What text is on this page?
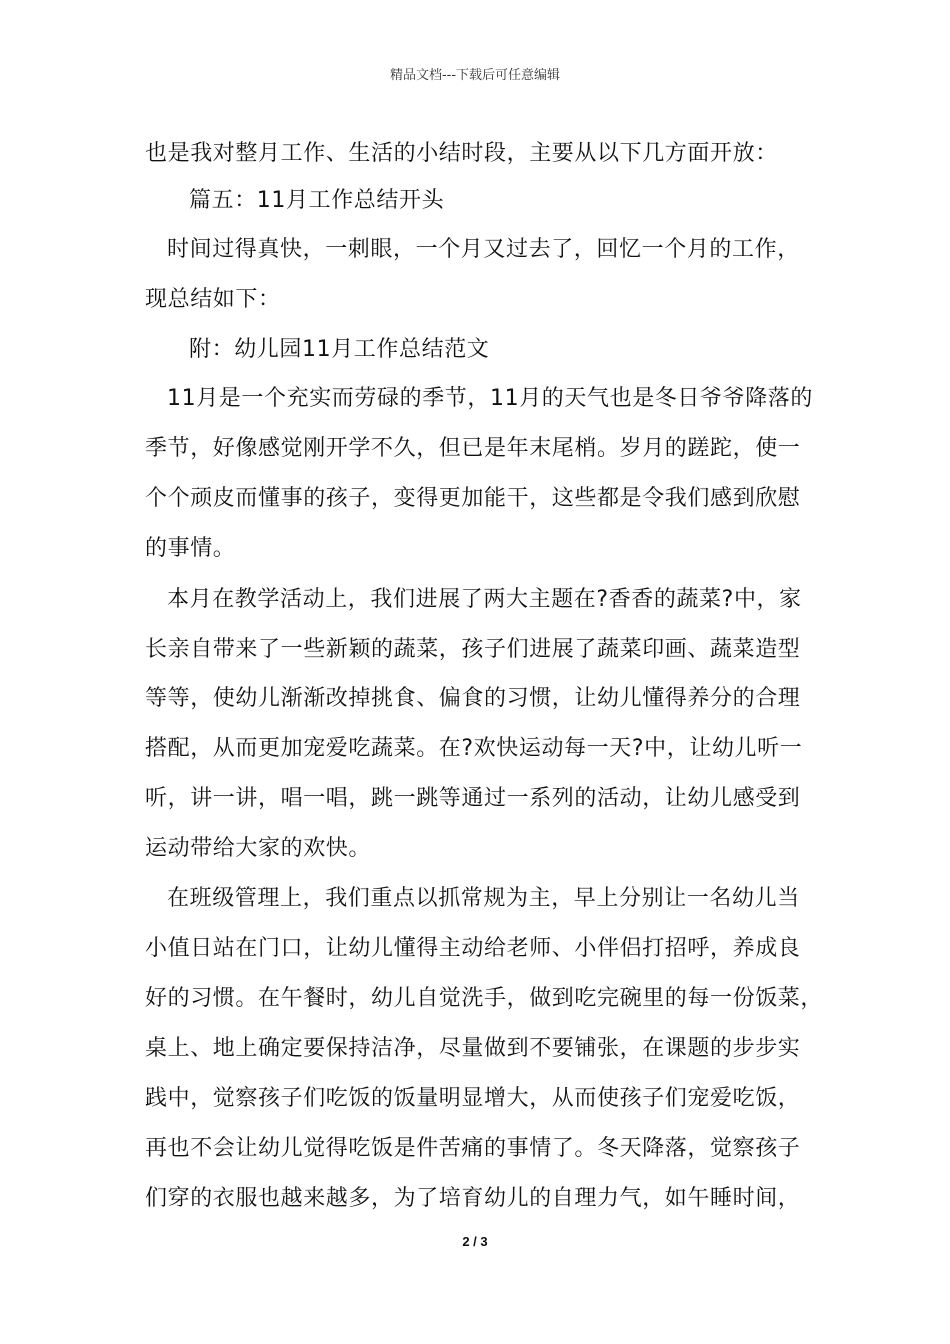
精品文档---下载后可任意编辑
也是我对整月工作、生活的小结时段，主要从以下几方面开放：
篇五：11月工作总结开头
时间过得真快，一刺眼，一个月又过去了，回忆一个月的工作，
现总结如下：
附：幼儿园11月工作总结范文
11月是一个充实而劳碌的季节，11月的天气也是冬日爷爷降落的
季节，好像感觉刚开学不久，但已是年末尾梢。岁月的蹉跎，使一
个个顽皮而懂事的孩子，变得更加能干，这些都是令我们感到欣慰
的事情。
本月在教学活动上，我们进展了两大主题在?香香的蔬菜?中，家
长亲自带来了一些新颖的蔬菜，孩子们进展了蔬菜印画、蔬菜造型
等等，使幼儿渐渐改掉挑食、偏食的习惯，让幼儿懂得养分的合理
搭配，从而更加宠爱吃蔬菜。在?欢快运动每一天?中，让幼儿听一
听，讲一讲，唱一唱，跳一跳等通过一系列的活动，让幼儿感受到
运动带给大家的欢快。
在班级管理上，我们重点以抓常规为主，早上分别让一名幼儿当
小值日站在门口，让幼儿懂得主动给老师、小伴侣打招呼，养成良
好的习惯。在午餐时，幼儿自觉洗手，做到吃完碗里的每一份饭菜，
桌上、地上确定要保持洁净，尽量做到不要铺张，在课题的步步实
践中，觉察孩子们吃饭的饭量明显增大，从而使孩子们宠爱吃饭，
再也不会让幼儿觉得吃饭是件苦痛的事情了。冬天降落，觉察孩子
们穿的衣服也越来越多，为了培育幼儿的自理力气，如午睡时间，
2 / 3
